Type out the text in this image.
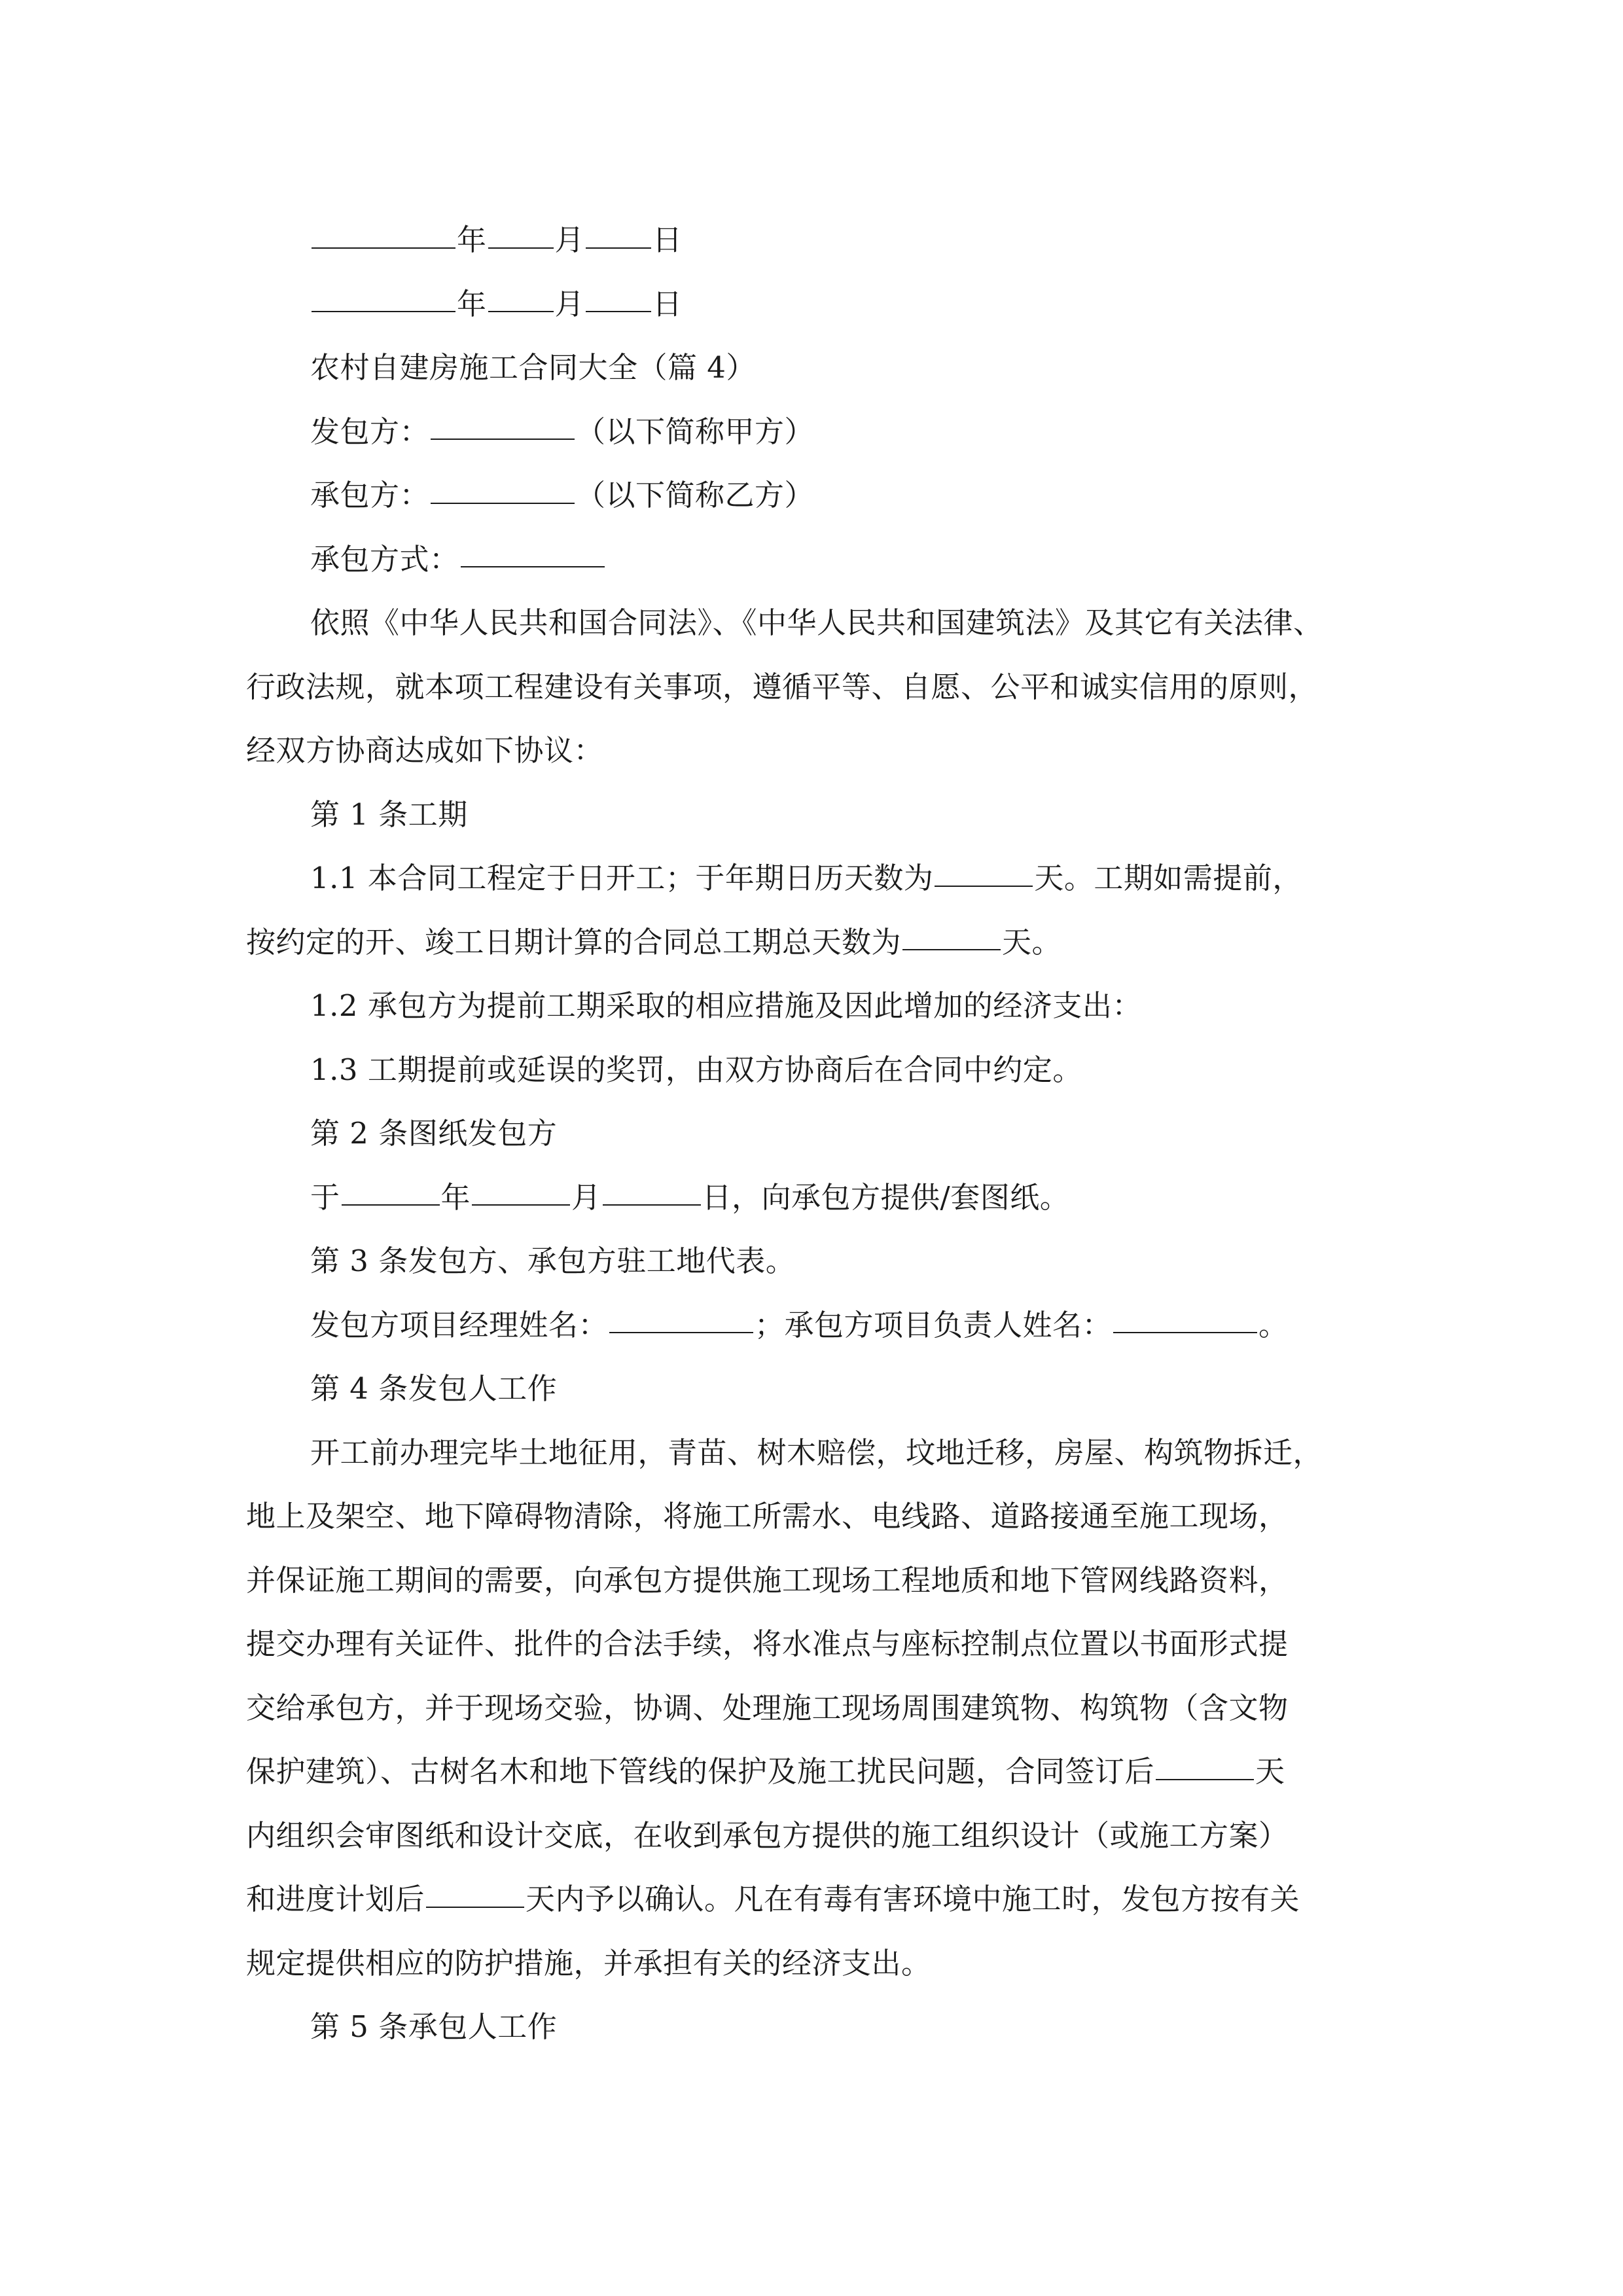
年 月 日
年 月 日
农村自建房施工合同大全（篇 4）
发包方：	（以下简称甲方）
承包方：	（以下简称乙方）
承包方式：
依照《中华人民共和国合同法》、《中华人民共和国建筑法》及其它有关法律、
行政法规，就本项工程建设有关事项，遵循平等、自愿、公平和诚实信用的原则，
经双方协商达成如下协议：
第 1 条工期
1.1 本合同工程定于日开工；于年期日历天数为	天。工期如需提前，
按约定的开、竣工日期计算的合同总工期总天数为	天。
1.2 承包方为提前工期采取的相应措施及因此增加的经济支出：
1.3 工期提前或延误的奖罚，由双方协商后在合同中约定。
第 2 条图纸发包方
于	年	月	日，向承包方提供/套图纸。
第 3 条发包方、承包方驻工地代表。
发包方项目经理姓名：	；承包方项目负责人姓名：	。
第 4 条发包人工作
开工前办理完毕土地征用，青苗、树木赔偿，坟地迁移，房屋、构筑物拆迁，
地上及架空、地下障碍物清除，将施工所需水、电线路、道路接通至施工现场，
并保证施工期间的需要，向承包方提供施工现场工程地质和地下管网线路资料，
提交办理有关证件、批件的合法手续，将水准点与座标控制点位置以书面形式提
交给承包方，并于现场交验，协调、处理施工现场周围建筑物、构筑物（含文物
保护建筑）、古树名木和地下管线的保护及施工扰民问题，合同签订后	天
内组织会审图纸和设计交底，在收到承包方提供的施工组织设计（或施工方案）
和进度计划后	天内予以确认。凡在有毒有害环境中施工时，发包方按有关
规定提供相应的防护措施，并承担有关的经济支出。
第 5 条承包人工作
